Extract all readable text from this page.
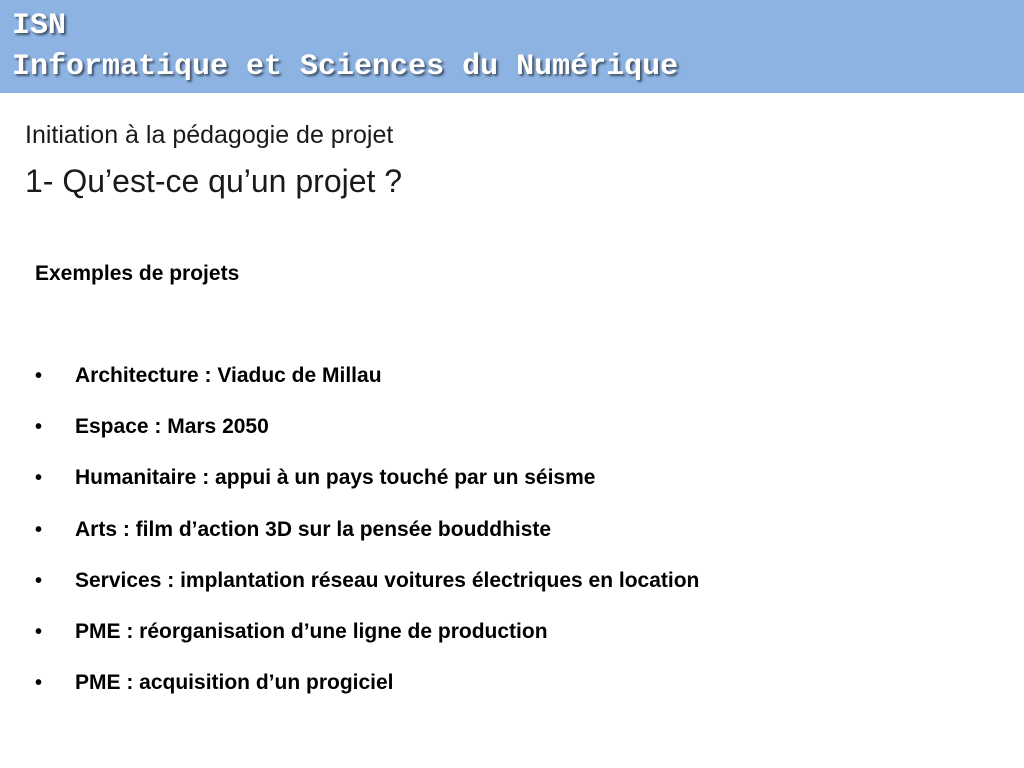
ISN
Informatique et Sciences du Numérique
Initiation à la pédagogie de projet
1- Qu’est-ce qu’un projet ?
Exemples de projets
• Architecture : Viaduc de Millau
• Espace : Mars 2050
• Humanitaire : appui à un pays touché par un séisme
• Arts : film d’action 3D sur la pensée bouddhiste
• Services : implantation réseau voitures électriques en location
• PME : réorganisation d’une ligne de production
• PME : acquisition d’un progiciel
